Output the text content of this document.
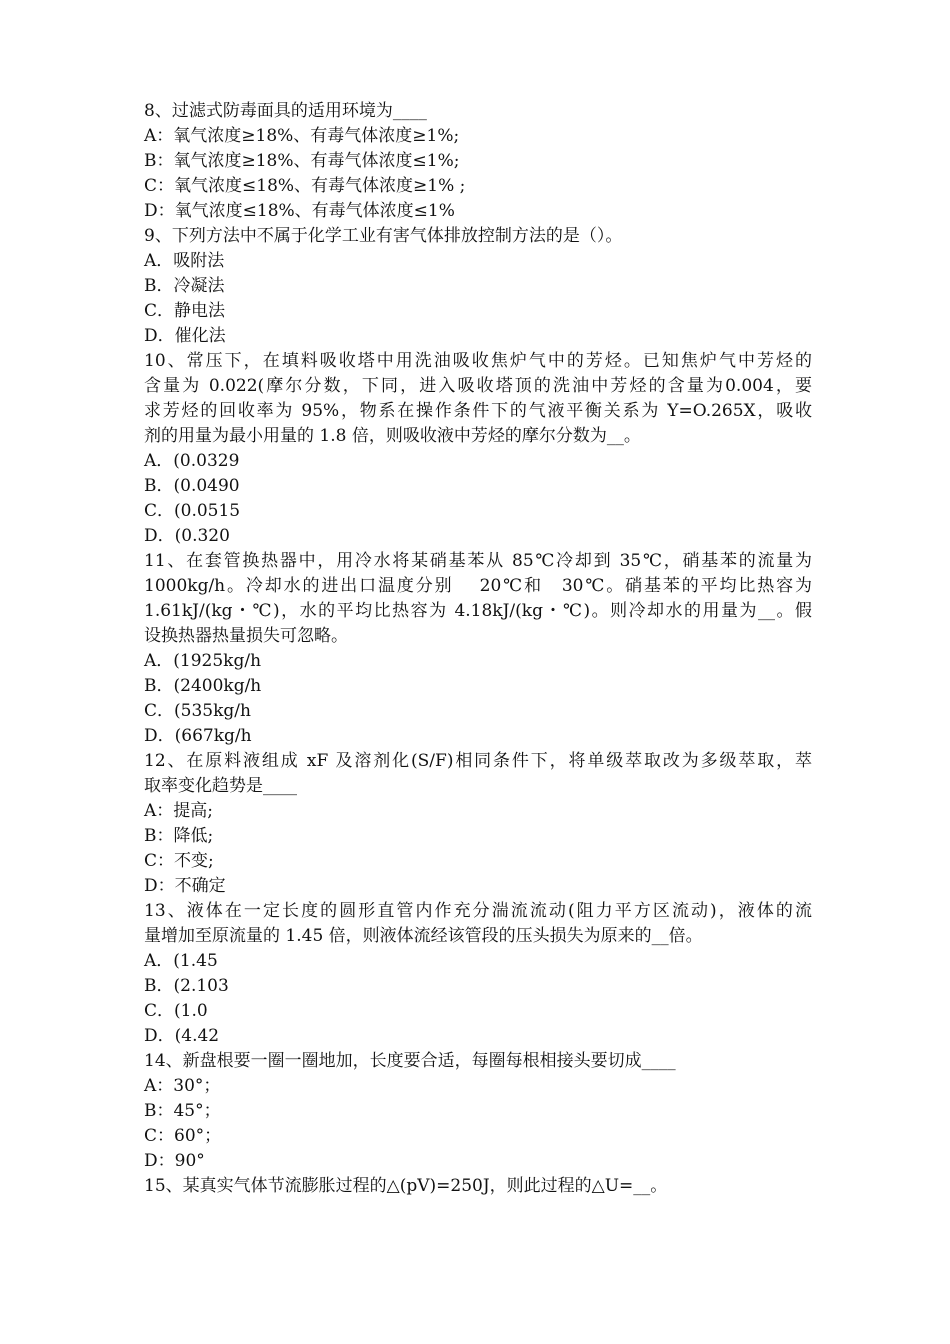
8、过滤式防毒面具的适用环境为____
A：氧气浓度≥18%、有毒气体浓度≥1%;
B：氧气浓度≥18%、有毒气体浓度≤1%;
C：氧气浓度≤18%、有毒气体浓度≥1% ;
D：氧气浓度≤18%、有毒气体浓度≤1%
9、下列方法中不属于化学工业有害气体排放控制方法的是（）。
A．吸附法
B．冷凝法
C．静电法
D．催化法
10、常压下，在填料吸收塔中用洗油吸收焦炉气中的芳烃。已知焦炉气中芳烃的
含量为 0.022(摩尔分数，下同，进入吸收塔顶的洗油中芳烃的含量为0.004，要
求芳烃的回收率为 95%，物系在操作条件下的气液平衡关系为 Y=O.265X，吸收
剂的用量为最小用量的 1.8 倍，则吸收液中芳烃的摩尔分数为__。
A．(0.0329
B．(0.0490
C．(0.0515
D．(0.320
11、在套管换热器中，用冷水将某硝基苯从 85℃冷却到 35℃，硝基苯的流量为
1000kg/h。冷却水的进出口温度分别　 20℃和　30℃。硝基苯的平均比热容为
1.61kJ/(kg・℃)，水的平均比热容为 4.18kJ/(kg・℃)。则冷却水的用量为__。假
设换热器热量损失可忽略。
A．(1925kg/h
B．(2400kg/h
C．(535kg/h
D．(667kg/h
12、在原料液组成 xF 及溶剂化(S/F)相同条件下，将单级萃取改为多级萃取，萃
取率变化趋势是____
A：提高;
B：降低;
C：不变;
D：不确定
13、液体在一定长度的圆形直管内作充分湍流流动(阻力平方区流动)，液体的流
量增加至原流量的 1.45 倍，则液体流经该管段的压头损失为原来的__倍。
A．(1.45
B．(2.103
C．(1.0
D．(4.42
14、新盘根要一圈一圈地加，长度要合适，每圈每根相接头要切成____
A：30°；
B：45°；
C：60°；
D：90°
15、某真实气体节流膨胀过程的△(pV)=250J，则此过程的△U=__。
